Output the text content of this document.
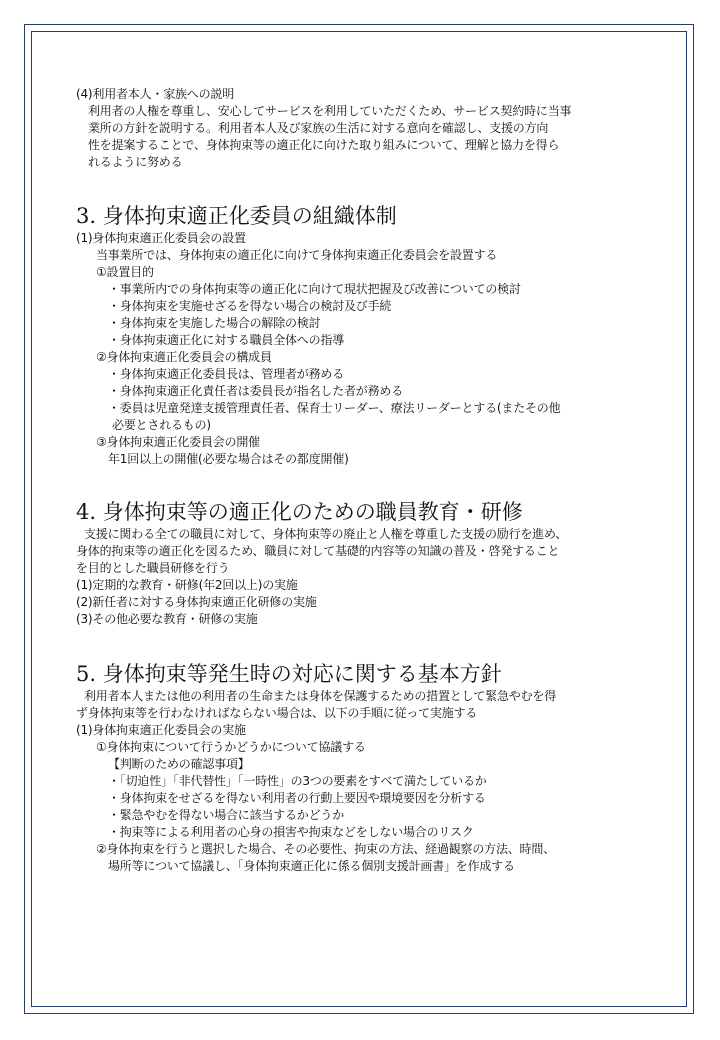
(4)利用者本人・家族への説明
利用者の人権を尊重し、安心してサービスを利用していただくため、サービス契約時に当事
業所の方針を説明する。利用者本人及び家族の生活に対する意向を確認し、支援の方向
性を提案することで、身体拘束等の適正化に向けた取り組みについて、理解と協力を得ら
れるように努める
3. 身体拘束適正化委員の組織体制
(1)身体拘束適正化委員会の設置
当事業所では、身体拘束の適正化に向けて身体拘束適正化委員会を設置する
①設置目的
・事業所内での身体拘束等の適正化に向けて現状把握及び改善についての検討
・身体拘束を実施せざるを得ない場合の検討及び手続
・身体拘束を実施した場合の解除の検討
・身体拘束適正化に対する職員全体への指導
②身体拘束適正化委員会の構成員
・身体拘束適正化委員長は、管理者が務める
・身体拘束適正化責任者は委員長が指名した者が務める
・委員は児童発達支援管理責任者、保育士リーダー、療法リーダーとする(またその他
必要とされるもの)
③身体拘束適正化委員会の開催
年1回以上の開催(必要な場合はその都度開催)
4. 身体拘束等の適正化のための職員教育・研修
支援に関わる全ての職員に対して、身体拘束等の廃止と人権を尊重した支援の励行を進め、
身体的拘束等の適正化を図るため、職員に対して基礎的内容等の知識の普及・啓発すること
を目的とした職員研修を行う
(1)定期的な教育・研修(年2回以上)の実施
(2)新任者に対する身体拘束適正化研修の実施
(3)その他必要な教育・研修の実施
5. 身体拘束等発生時の対応に関する基本方針
利用者本人または他の利用者の生命または身体を保護するための措置として緊急やむを得
ず身体拘束等を行わなければならない場合は、以下の手順に従って実施する
(1)身体拘束適正化委員会の実施
①身体拘束について行うかどうかについて協議する
【判断のための確認事項】
・「切迫性」「非代替性」「一時性」の3つの要素をすべて満たしているか
・身体拘束をせざるを得ない利用者の行動上要因や環境要因を分析する
・緊急やむを得ない場合に該当するかどうか
・拘束等による利用者の心身の損害や拘束などをしない場合のリスク
②身体拘束を行うと選択した場合、その必要性、拘束の方法、経過観察の方法、時間、
場所等について協議し、「身体拘束適正化に係る個別支援計画書」を作成する
